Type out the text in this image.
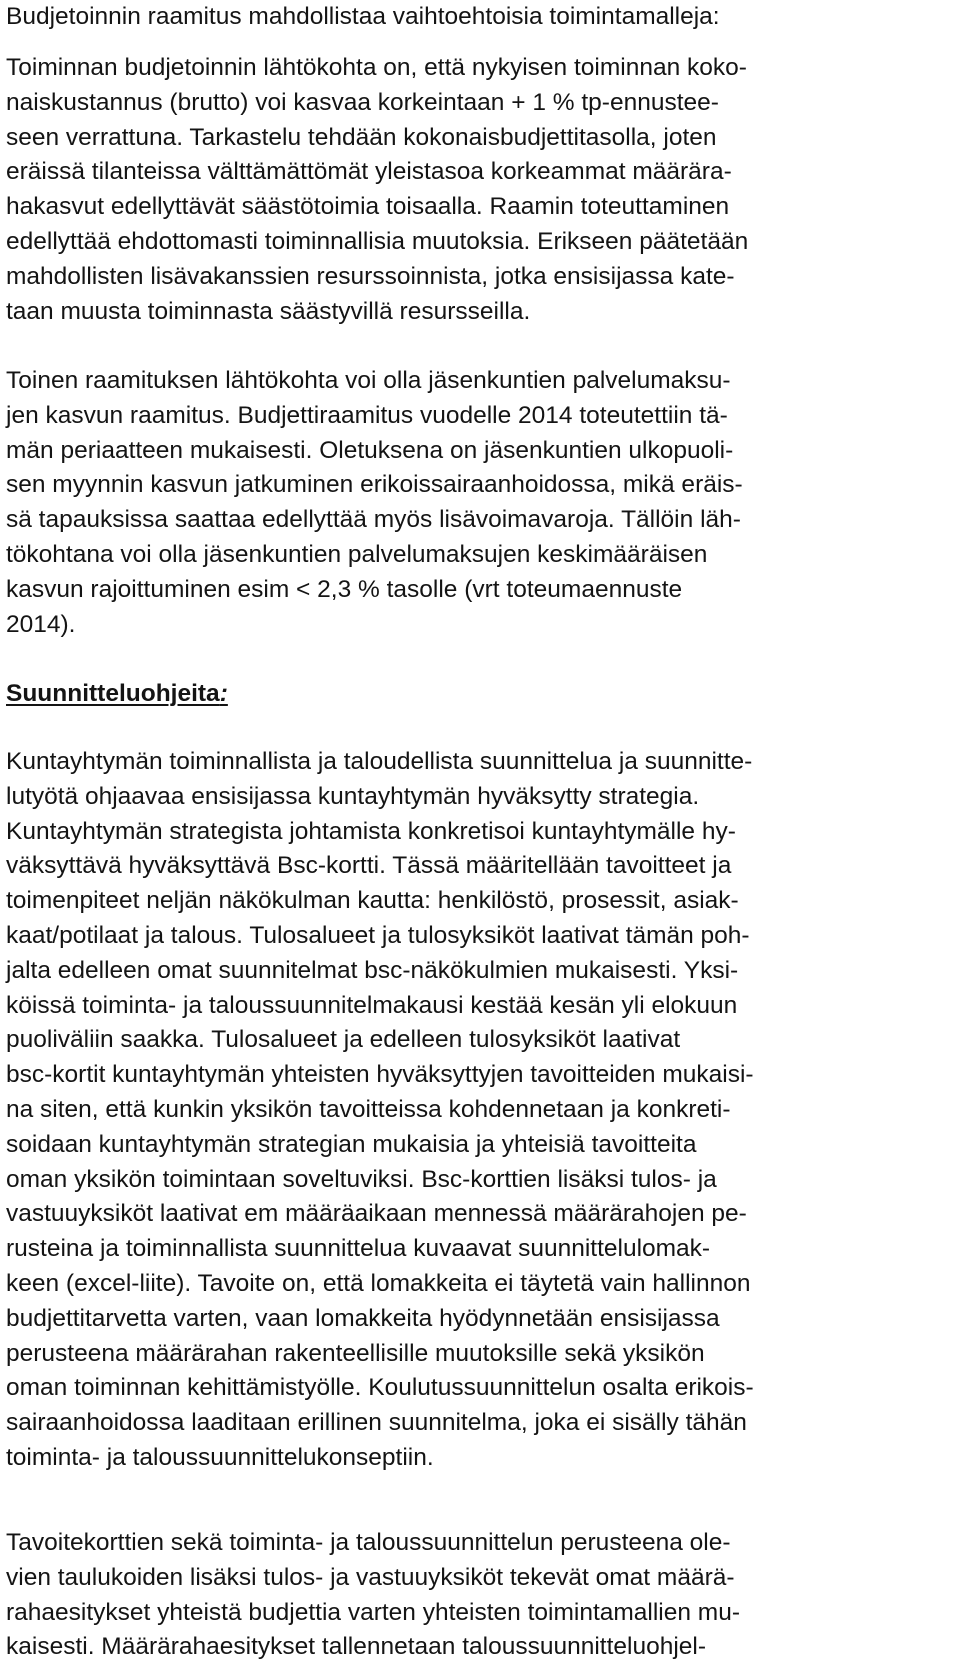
Budjetoinnin raamitus mahdollistaa vaihtoehtoisia toimintamalleja:

Toiminnan budjetoinnin lähtökohta on, että nykyisen toiminnan koko-
naiskustannus (brutto) voi kasvaa korkeintaan + 1 % tp-ennustee-
seen verrattuna. Tarkastelu tehdään kokonaisbudjettitasolla, joten
eräissä tilanteissa välttämättömät yleistasoa korkeammat määrära-
hakasvut edellyttävät säästötoimia toisaalla. Raamin toteuttaminen
edellyttää ehdottomasti toiminnallisia muutoksia. Erikseen päätetään
mahdollisten lisävakanssien resurssoinnista, jotka ensisijassa kate-
taan muusta toiminnasta säästyvillä resursseilla.

Toinen raamituksen lähtökohta voi olla jäsenkuntien palvelumaksu-
jen kasvun raamitus. Budjettiraamitus vuodelle 2014 toteutettiin tä-
män periaatteen mukaisesti. Oletuksena on jäsenkuntien ulkopuoli-
sen myynnin kasvun jatkuminen erikoissairaanhoidossa, mikä eräis-
sä tapauksissa saattaa edellyttää myös lisävoimavaroja. Tällöin läh-
tökohtana voi olla jäsenkuntien palvelumaksujen keskimääräisen
kasvun rajoittuminen esim < 2,3 % tasolle (vrt toteumaennuste
2014).

Suunnitteluohjeita:

Kuntayhtymän toiminnallista ja taloudellista suunnittelua ja suunnitte-
lutyötä ohjaavaa ensisijassa kuntayhtymän hyväksytty strategia.
Kuntayhtymän strategista johtamista konkretisoi kuntayhtymälle hy-
väksyttävä hyväksyttävä Bsc-kortti. Tässä määritellään tavoitteet ja
toimenpiteet neljän näkökulman kautta: henkilöstö, prosessit, asiak-
kaat/potilaat ja talous. Tulosalueet ja tulosyksiköt laativat tämän poh-
jalta edelleen omat suunnitelmat bsc-näkökulmien mukaisesti. Yksi-
köissä toiminta- ja taloussuunnitelmakausi kestää kesän yli elokuun
puoliväliin saakka. Tulosalueet ja edelleen tulosyksiköt laativat
bsc-kortit kuntayhtymän yhteisten hyväksyttyjen tavoitteiden mukaisi-
na siten, että kunkin yksikön tavoitteissa kohdennetaan ja konkreti-
soidaan kuntayhtymän strategian mukaisia ja yhteisiä tavoitteita
oman yksikön toimintaan soveltuviksi. Bsc-korttien lisäksi tulos- ja
vastuuyksiköt laativat em määräaikaan mennessä määrärahojen pe-
rusteina ja toiminnallista suunnittelua kuvaavat suunnittelulomak-
keen (excel-liite). Tavoite on, että lomakkeita ei täytetä vain hallinnon
budjettitarvetta varten, vaan lomakkeita hyödynnetään ensisijassa
perusteena määrärahan rakenteellisille muutoksille sekä yksikön
oman toiminnan kehittämistyölle. Koulutussuunnittelun osalta erikois-
sairaanhoidossa laaditaan erillinen suunnitelma, joka ei sisälly tähän
toiminta- ja taloussuunnittelukonseptiin.

Tavoitekorttien sekä toiminta- ja taloussuunnittelun perusteena ole-
vien taulukoiden lisäksi tulos- ja vastuuyksiköt tekevät omat määrä-
rahaesitykset yhteistä budjettia varten yhteisten toimintamallien mu-
kaisesti. Määrärahaesitykset tallennetaan taloussuunnitteluohjel-
